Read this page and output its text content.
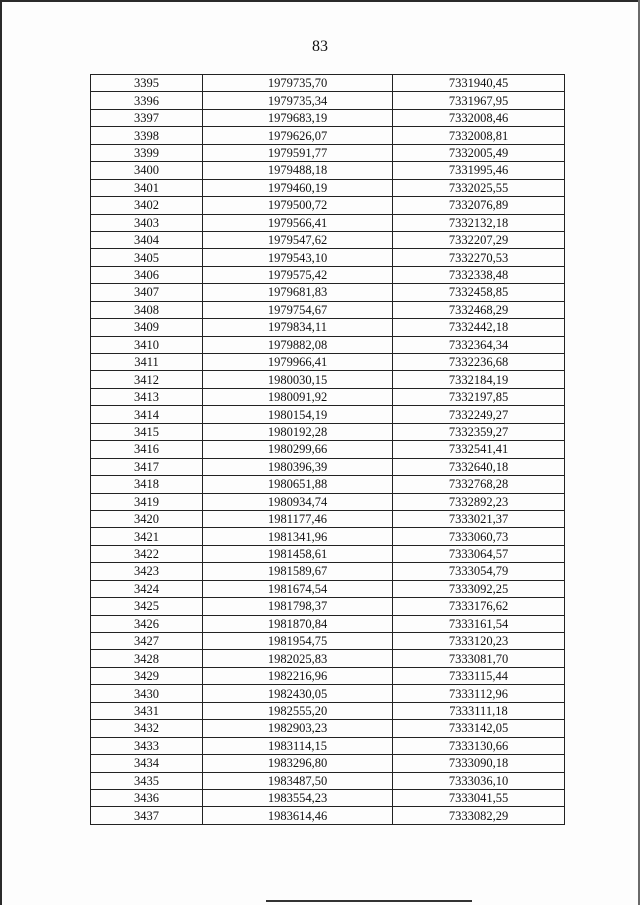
83
3395	1979735,70	7331940,45
3396	1979735,34	7331967,95
3397	1979683,19	7332008,46
3398	1979626,07	7332008,81
3399	1979591,77	7332005,49
3400	1979488,18	7331995,46
3401	1979460,19	7332025,55
3402	1979500,72	7332076,89
3403	1979566,41	7332132,18
3404	1979547,62	7332207,29
3405	1979543,10	7332270,53
3406	1979575,42	7332338,48
3407	1979681,83	7332458,85
3408	1979754,67	7332468,29
3409	1979834,11	7332442,18
3410	1979882,08	7332364,34
3411	1979966,41	7332236,68
3412	1980030,15	7332184,19
3413	1980091,92	7332197,85
3414	1980154,19	7332249,27
3415	1980192,28	7332359,27
3416	1980299,66	7332541,41
3417	1980396,39	7332640,18
3418	1980651,88	7332768,28
3419	1980934,74	7332892,23
3420	1981177,46	7333021,37
3421	1981341,96	7333060,73
3422	1981458,61	7333064,57
3423	1981589,67	7333054,79
3424	1981674,54	7333092,25
3425	1981798,37	7333176,62
3426	1981870,84	7333161,54
3427	1981954,75	7333120,23
3428	1982025,83	7333081,70
3429	1982216,96	7333115,44
3430	1982430,05	7333112,96
3431	1982555,20	7333111,18
3432	1982903,23	7333142,05
3433	1983114,15	7333130,66
3434	1983296,80	7333090,18
3435	1983487,50	7333036,10
3436	1983554,23	7333041,55
3437	1983614,46	7333082,29
